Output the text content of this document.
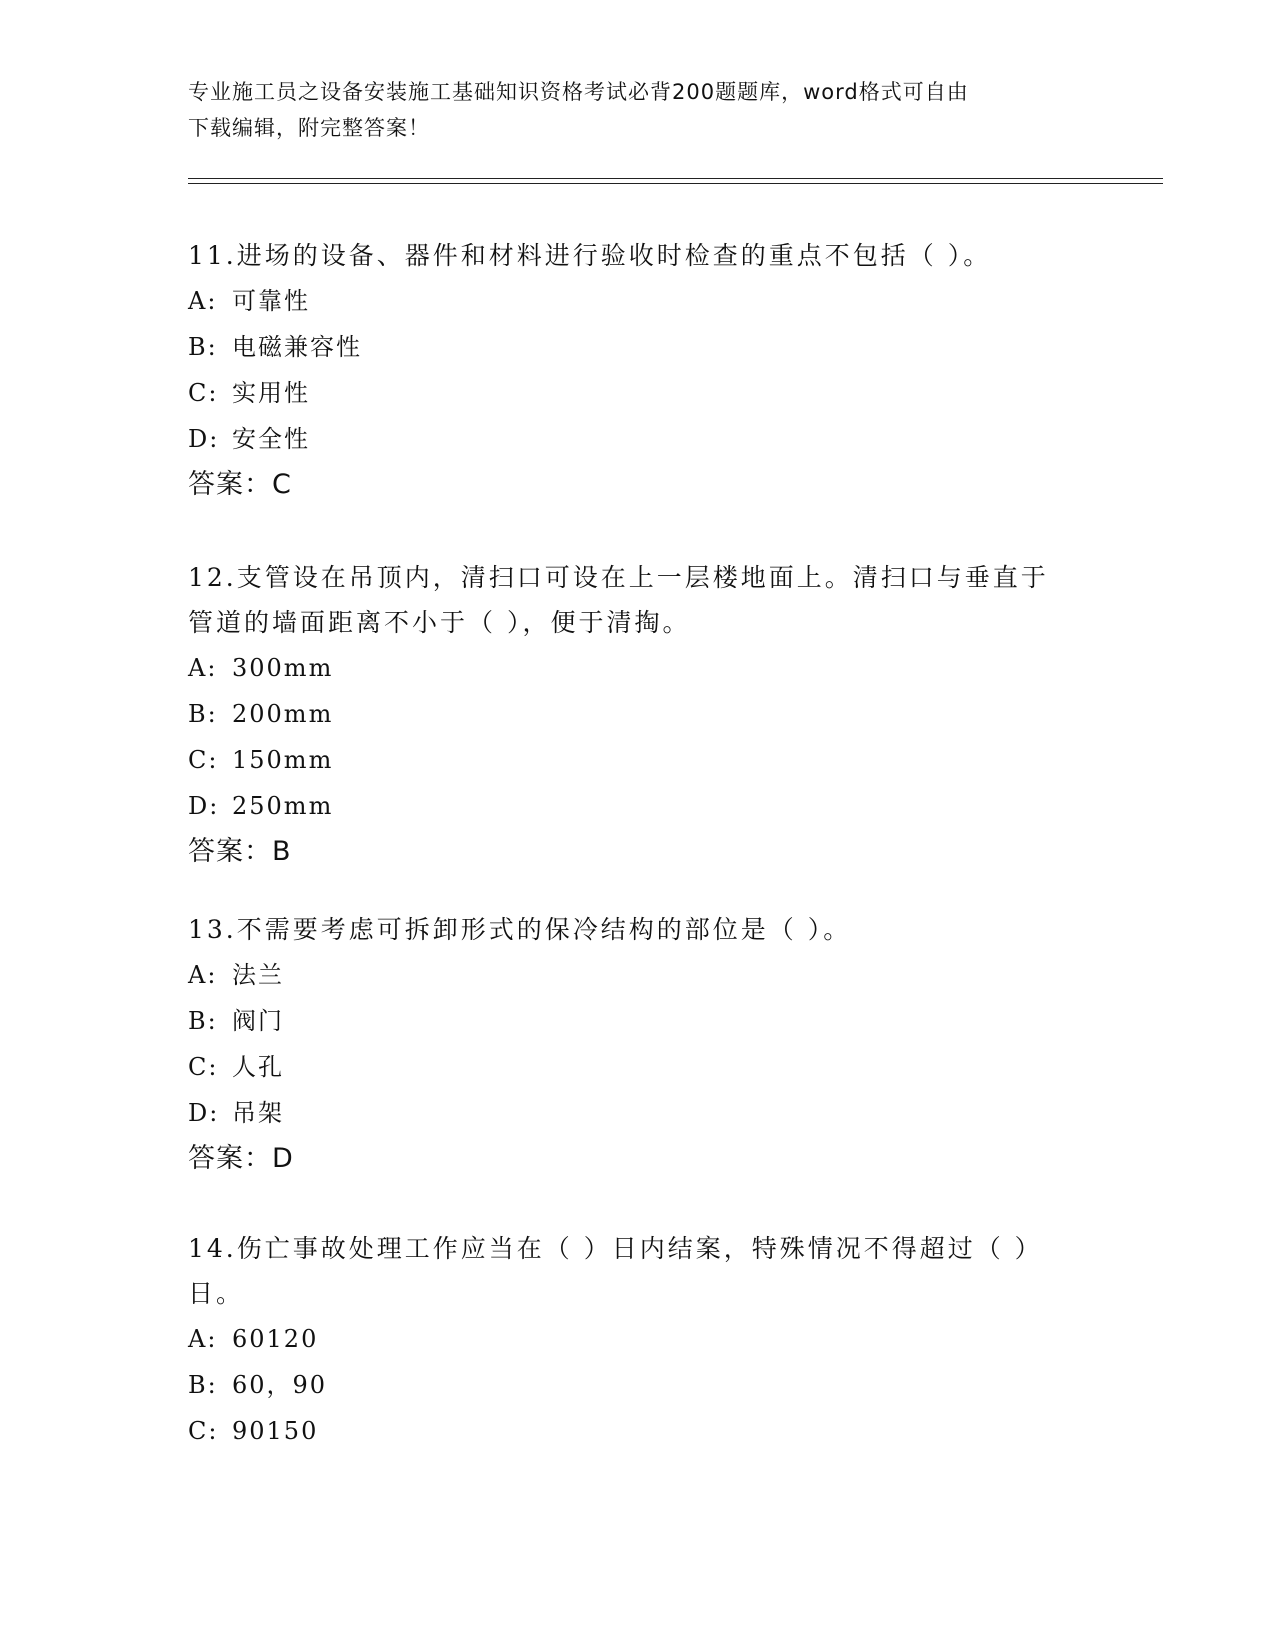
专业施工员之设备安装施工基础知识资格考试必背200题题库，word格式可自由
下载编辑，附完整答案！

11.进场的设备、器件和材料进行验收时检查的重点不包括（ ）。

A: 可靠性
B: 电磁兼容性
C: 实用性
D: 安全性
答案：C

12.支管设在吊顶内，清扫口可设在上一层楼地面上。清扫口与垂直于

管道的墙面距离不小于（ ），便于清掏。

A: 300mm
B: 200mm
C: 150mm
D: 250mm
答案：B

13.不需要考虑可拆卸形式的保冷结构的部位是（ ）。

A: 法兰
B: 阀门
C: 人孔
D: 吊架
答案：D

14.伤亡事故处理工作应当在（ ）日内结案，特殊情况不得超过（ ）

日。

A: 60120
B: 60，90
C: 90150
